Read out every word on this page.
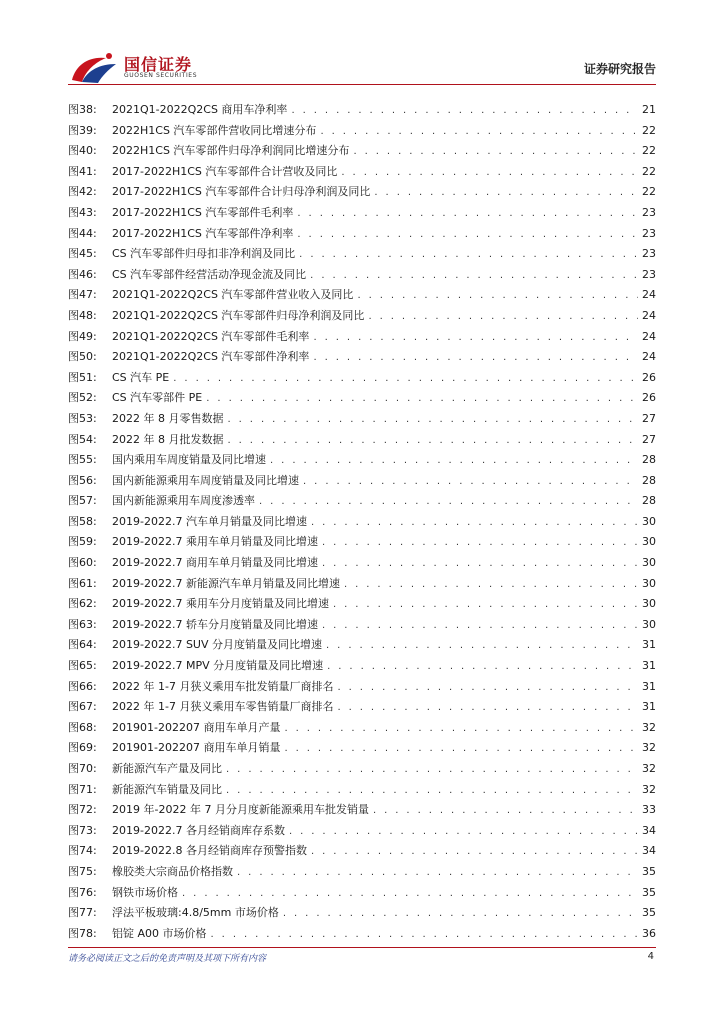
国信证券
GUOSEN SECURITIES	证券研究报告
图38:	2021Q1-2022Q2CS 商用车净利率 . . .	21
图39:	2022H1CS 汽车零部件营收同比增速分布 . . .	22
图40:	2022H1CS 汽车零部件归母净利润同比增速分布 . . .	22
图41:	2017-2022H1CS 汽车零部件合计营收及同比 . . .	22
图42:	2017-2022H1CS 汽车零部件合计归母净利润及同比 . . .	22
图43:	2017-2022H1CS 汽车零部件毛利率 . . .	23
图44:	2017-2022H1CS 汽车零部件净利率 . . .	23
图45:	CS 汽车零部件归母扣非净利润及同比 . . .	23
图46:	CS 汽车零部件经营活动净现金流及同比 . . .	23
图47:	2021Q1-2022Q2CS 汽车零部件营业收入及同比 . . .	24
图48:	2021Q1-2022Q2CS 汽车零部件归母净利润及同比 . . .	24
图49:	2021Q1-2022Q2CS 汽车零部件毛利率 . . .	24
图50:	2021Q1-2022Q2CS 汽车零部件净利率 . . .	24
图51:	CS 汽车 PE . . .	26
图52:	CS 汽车零部件 PE . . .	26
图53:	2022 年 8 月零售数据 . . .	27
图54:	2022 年 8 月批发数据 . . .	27
图55:	国内乘用车周度销量及同比增速 . . .	28
图56:	国内新能源乘用车周度销量及同比增速 . . .	28
图57:	国内新能源乘用车周度渗透率 . . .	28
图58:	2019-2022.7 汽车单月销量及同比增速 . . .	30
图59:	2019-2022.7 乘用车单月销量及同比增速 . . .	30
图60:	2019-2022.7 商用车单月销量及同比增速 . . .	30
图61:	2019-2022.7 新能源汽车单月销量及同比增速 . . .	30
图62:	2019-2022.7 乘用车分月度销量及同比增速 . . .	30
图63:	2019-2022.7 轿车分月度销量及同比增速 . . .	30
图64:	2019-2022.7 SUV 分月度销量及同比增速 . . .	31
图65:	2019-2022.7 MPV 分月度销量及同比增速 . . .	31
图66:	2022 年 1-7 月狭义乘用车批发销量厂商排名 . . .	31
图67:	2022 年 1-7 月狭义乘用车零售销量厂商排名 . . .	31
图68:	201901-202207 商用车单月产量 . . .	32
图69:	201901-202207 商用车单月销量 . . .	32
图70:	新能源汽车产量及同比 . . .	32
图71:	新能源汽车销量及同比 . . .	32
图72:	2019 年-2022 年 7 月分月度新能源乘用车批发销量 . . .	33
图73:	2019-2022.7 各月经销商库存系数 . . .	34
图74:	2019-2022.8 各月经销商库存预警指数 . . .	34
图75:	橡胶类大宗商品价格指数 . . .	35
图76:	钢铁市场价格 . . .	35
图77:	浮法平板玻璃:4.8/5mm 市场价格 . . .	35
图78:	铝锭 A00 市场价格 . . .	36
请务必阅读正文之后的免责声明及其项下所有内容	4
